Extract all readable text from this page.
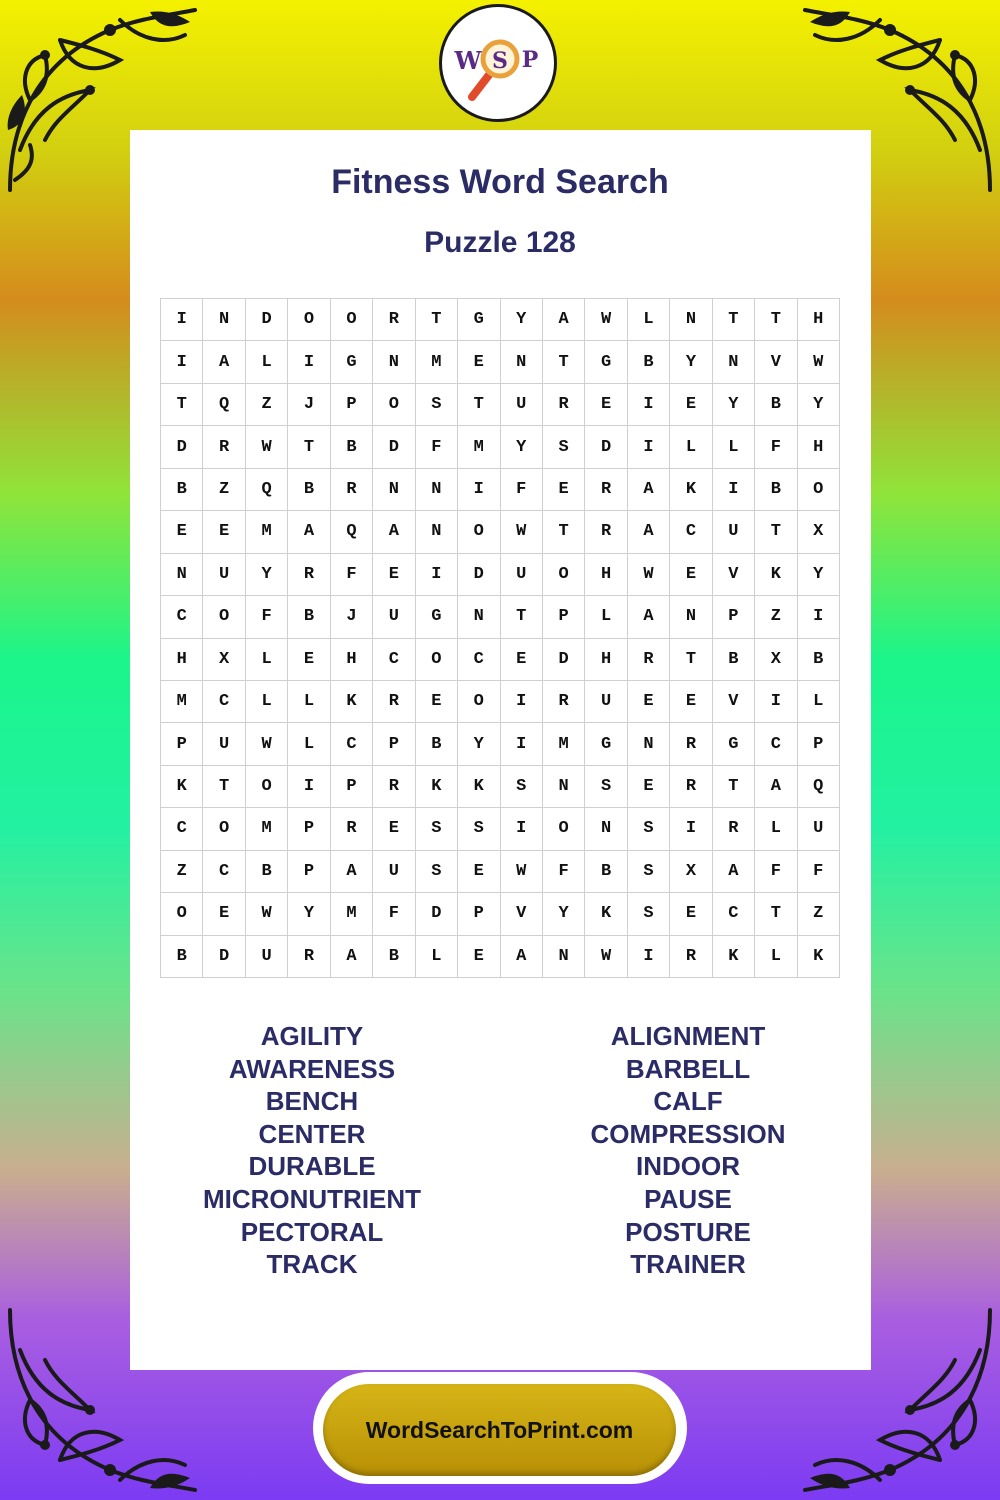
W S P
Fitness Word Search
Puzzle 128
I	N	D	O	O	R	T	G	Y	A	W	L	N	T	T	H
I	A	L	I	G	N	M	E	N	T	G	B	Y	N	V	W
T	Q	Z	J	P	O	S	T	U	R	E	I	E	Y	B	Y
D	R	W	T	B	D	F	M	Y	S	D	I	L	L	F	H
B	Z	Q	B	R	N	N	I	F	E	R	A	K	I	B	O
E	E	M	A	Q	A	N	O	W	T	R	A	C	U	T	X
N	U	Y	R	F	E	I	D	U	O	H	W	E	V	K	Y
C	O	F	B	J	U	G	N	T	P	L	A	N	P	Z	I
H	X	L	E	H	C	O	C	E	D	H	R	T	B	X	B
M	C	L	L	K	R	E	O	I	R	U	E	E	V	I	L
P	U	W	L	C	P	B	Y	I	M	G	N	R	G	C	P
K	T	O	I	P	R	K	K	S	N	S	E	R	T	A	Q
C	O	M	P	R	E	S	S	I	O	N	S	I	R	L	U
Z	C	B	P	A	U	S	E	W	F	B	S	X	A	F	F
O	E	W	Y	M	F	D	P	V	Y	K	S	E	C	T	Z
B	D	U	R	A	B	L	E	A	N	W	I	R	K	L	K
AGILITY
AWARENESS
BENCH
CENTER
DURABLE
MICRONUTRIENT
PECTORAL
TRACK
ALIGNMENT
BARBELL
CALF
COMPRESSION
INDOOR
PAUSE
POSTURE
TRAINER
WordSearchToPrint.com
